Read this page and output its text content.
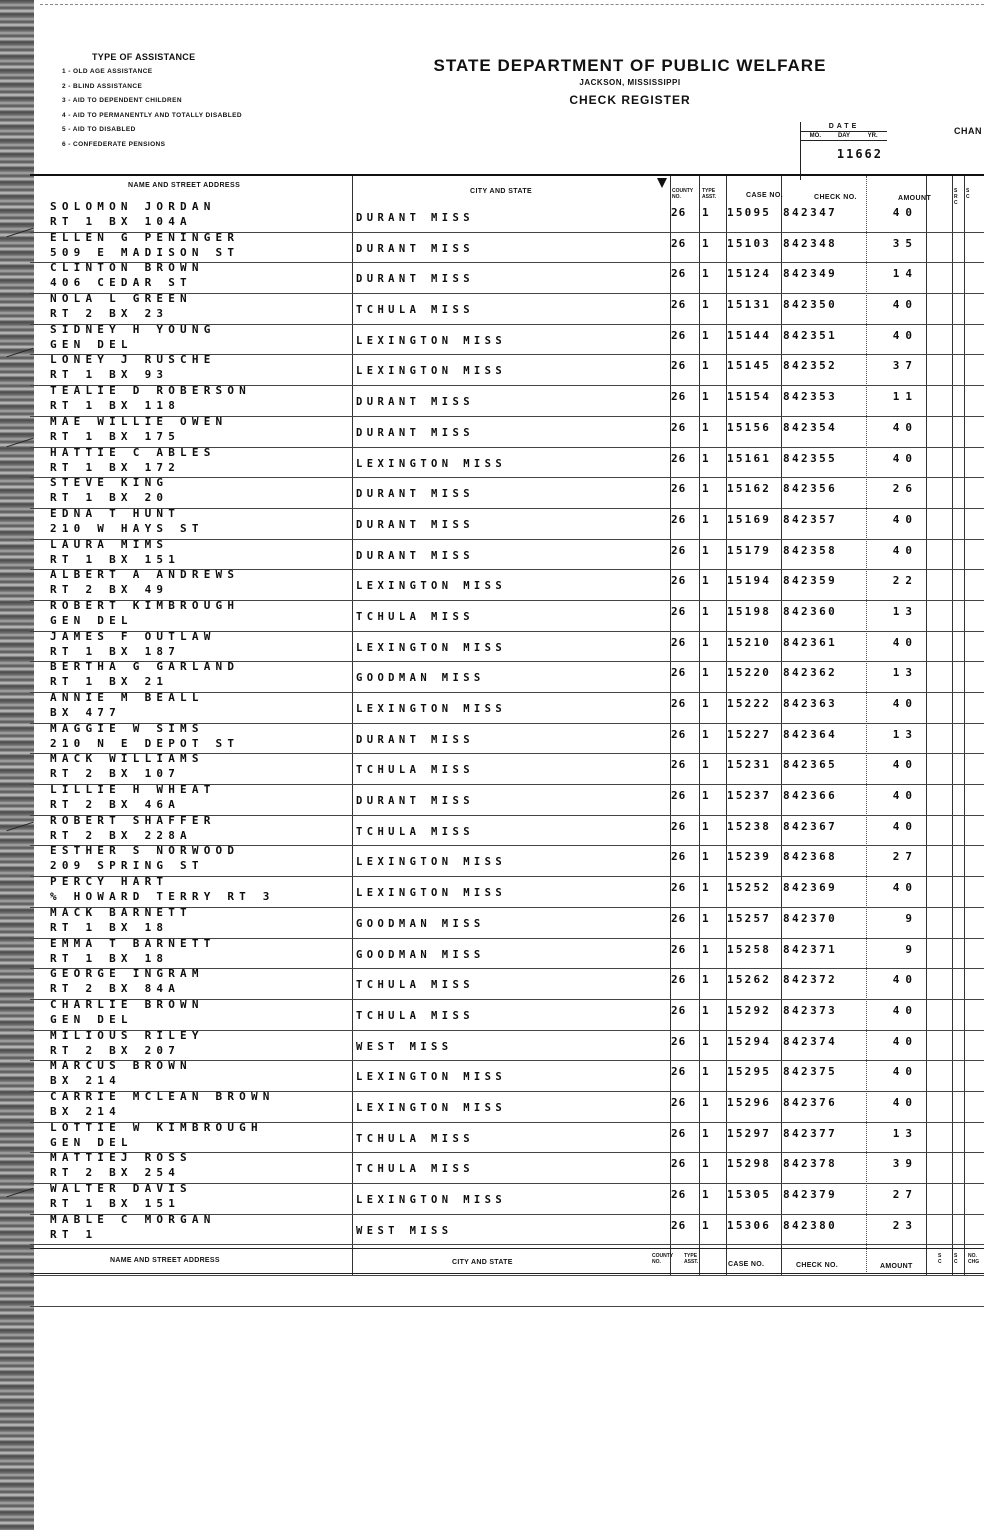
TYPE OF ASSISTANCE
1 - OLD AGE ASSISTANCE
2 - BLIND ASSISTANCE
3 - AID TO DEPENDENT CHILDREN
4 - AID TO PERMANENTLY AND TOTALLY DISABLED
5 - AID TO DISABLED
6 - CONFEDERATE PENSIONS
STATE DEPARTMENT OF PUBLIC WELFARE
JACKSON, MISSISSIPPI
CHECK REGISTER
DATE
MO.	DAY	YR.
11662
CHAN
NAME AND STREET ADDRESS
CITY AND STATE	COUNTY NO.
TYPE ASST.	CASE NO.	CHECK NO.	AMOUNT
S R C
S C
SOLOMON JORDAN
RT 1 BX 104A	DURANT MISS	26 1 15095 842347	40
ELLEN G PENINGER
509 E MADISON ST	DURANT MISS	26 1 15103 842348	35
CLINTON BROWN
406 CEDAR ST	DURANT MISS	26 1 15124 842349	14
NOLA L GREEN
RT 2 BX 23	TCHULA MISS	26 1 15131 842350	40
SIDNEY H YOUNG
GEN DEL	LEXINGTON MISS	26 1 15144 842351	40
LONEY J RUSCHE
RT 1 BX 93	LEXINGTON MISS	26 1 15145 842352	37
TEALIE D ROBERSON
RT 1 BX 118	DURANT MISS	26 1 15154 842353	11
MAE WILLIE OWEN
RT 1 BX 175	DURANT MISS	26 1 15156 842354	40
HATTIE C ABLES
RT 1 BX 172	LEXINGTON MISS	26 1 15161 842355	40
STEVE KING
RT 1 BX 20	DURANT MISS	26 1 15162 842356	26
EDNA T HUNT
210 W HAYS ST	DURANT MISS	26 1 15169 842357	40
LAURA MIMS
RT 1 BX 151	DURANT MISS	26 1 15179 842358	40
ALBERT A ANDREWS
RT 2 BX 49	LEXINGTON MISS	26 1 15194 842359	22
ROBERT KIMBROUGH
GEN DEL	TCHULA MISS	26 1 15198 842360	13
JAMES F OUTLAW
RT 1 BX 187	LEXINGTON MISS	26 1 15210 842361	40
BERTHA G GARLAND
RT 1 BX 21	GOODMAN MISS	26 1 15220 842362	13
ANNIE M BEALL
BX 477	LEXINGTON MISS	26 1 15222 842363	40
MAGGIE W SIMS
210 N E DEPOT ST	DURANT MISS	26 1 15227 842364	13
MACK WILLIAMS
RT 2 BX 107	TCHULA MISS	26 1 15231 842365	40
LILLIE H WHEAT
RT 2 BX 46A	DURANT MISS	26 1 15237 842366	40
ROBERT SHAFFER
RT 2 BX 228A	TCHULA MISS	26 1 15238 842367	40
ESTHER S NORWOOD
209 SPRING ST	LEXINGTON MISS	26 1 15239 842368	27
PERCY HART
% HOWARD TERRY RT 3	LEXINGTON MISS	26 1 15252 842369	40
MACK BARNETT
RT 1 BX 18	GOODMAN MISS	26 1 15257 842370	9
EMMA T BARNETT
RT 1 BX 18	GOODMAN MISS	26 1 15258 842371	9
GEORGE INGRAM
RT 2 BX 84A	TCHULA MISS	26 1 15262 842372	40
CHARLIE BROWN
GEN DEL	TCHULA MISS	26 1 15292 842373	40
MILIOUS RILEY
RT 2 BX 207	WEST MISS	26 1 15294 842374	40
MARCUS BROWN
BX 214	LEXINGTON MISS	26 1 15295 842375	40
CARRIE MCLEAN BROWN
BX 214	LEXINGTON MISS	26 1 15296 842376	40
LOTTIE W KIMBROUGH
GEN DEL	TCHULA MISS	26 1 15297 842377	13
MATTIEJ ROSS
RT 2 BX 254	TCHULA MISS	26 1 15298 842378	39
WALTER DAVIS
RT 1 BX 151	LEXINGTON MISS	26 1 15305 842379	27
MABLE C MORGAN
RT 1	WEST MISS	26 1 15306 842380	23
NAME AND STREET ADDRESS	CITY AND STATE
COUNTY NO.
TYPE ASST.	CASE NO.	CHECK NO.	AMOUNT
S C
S C
NO. CHG
